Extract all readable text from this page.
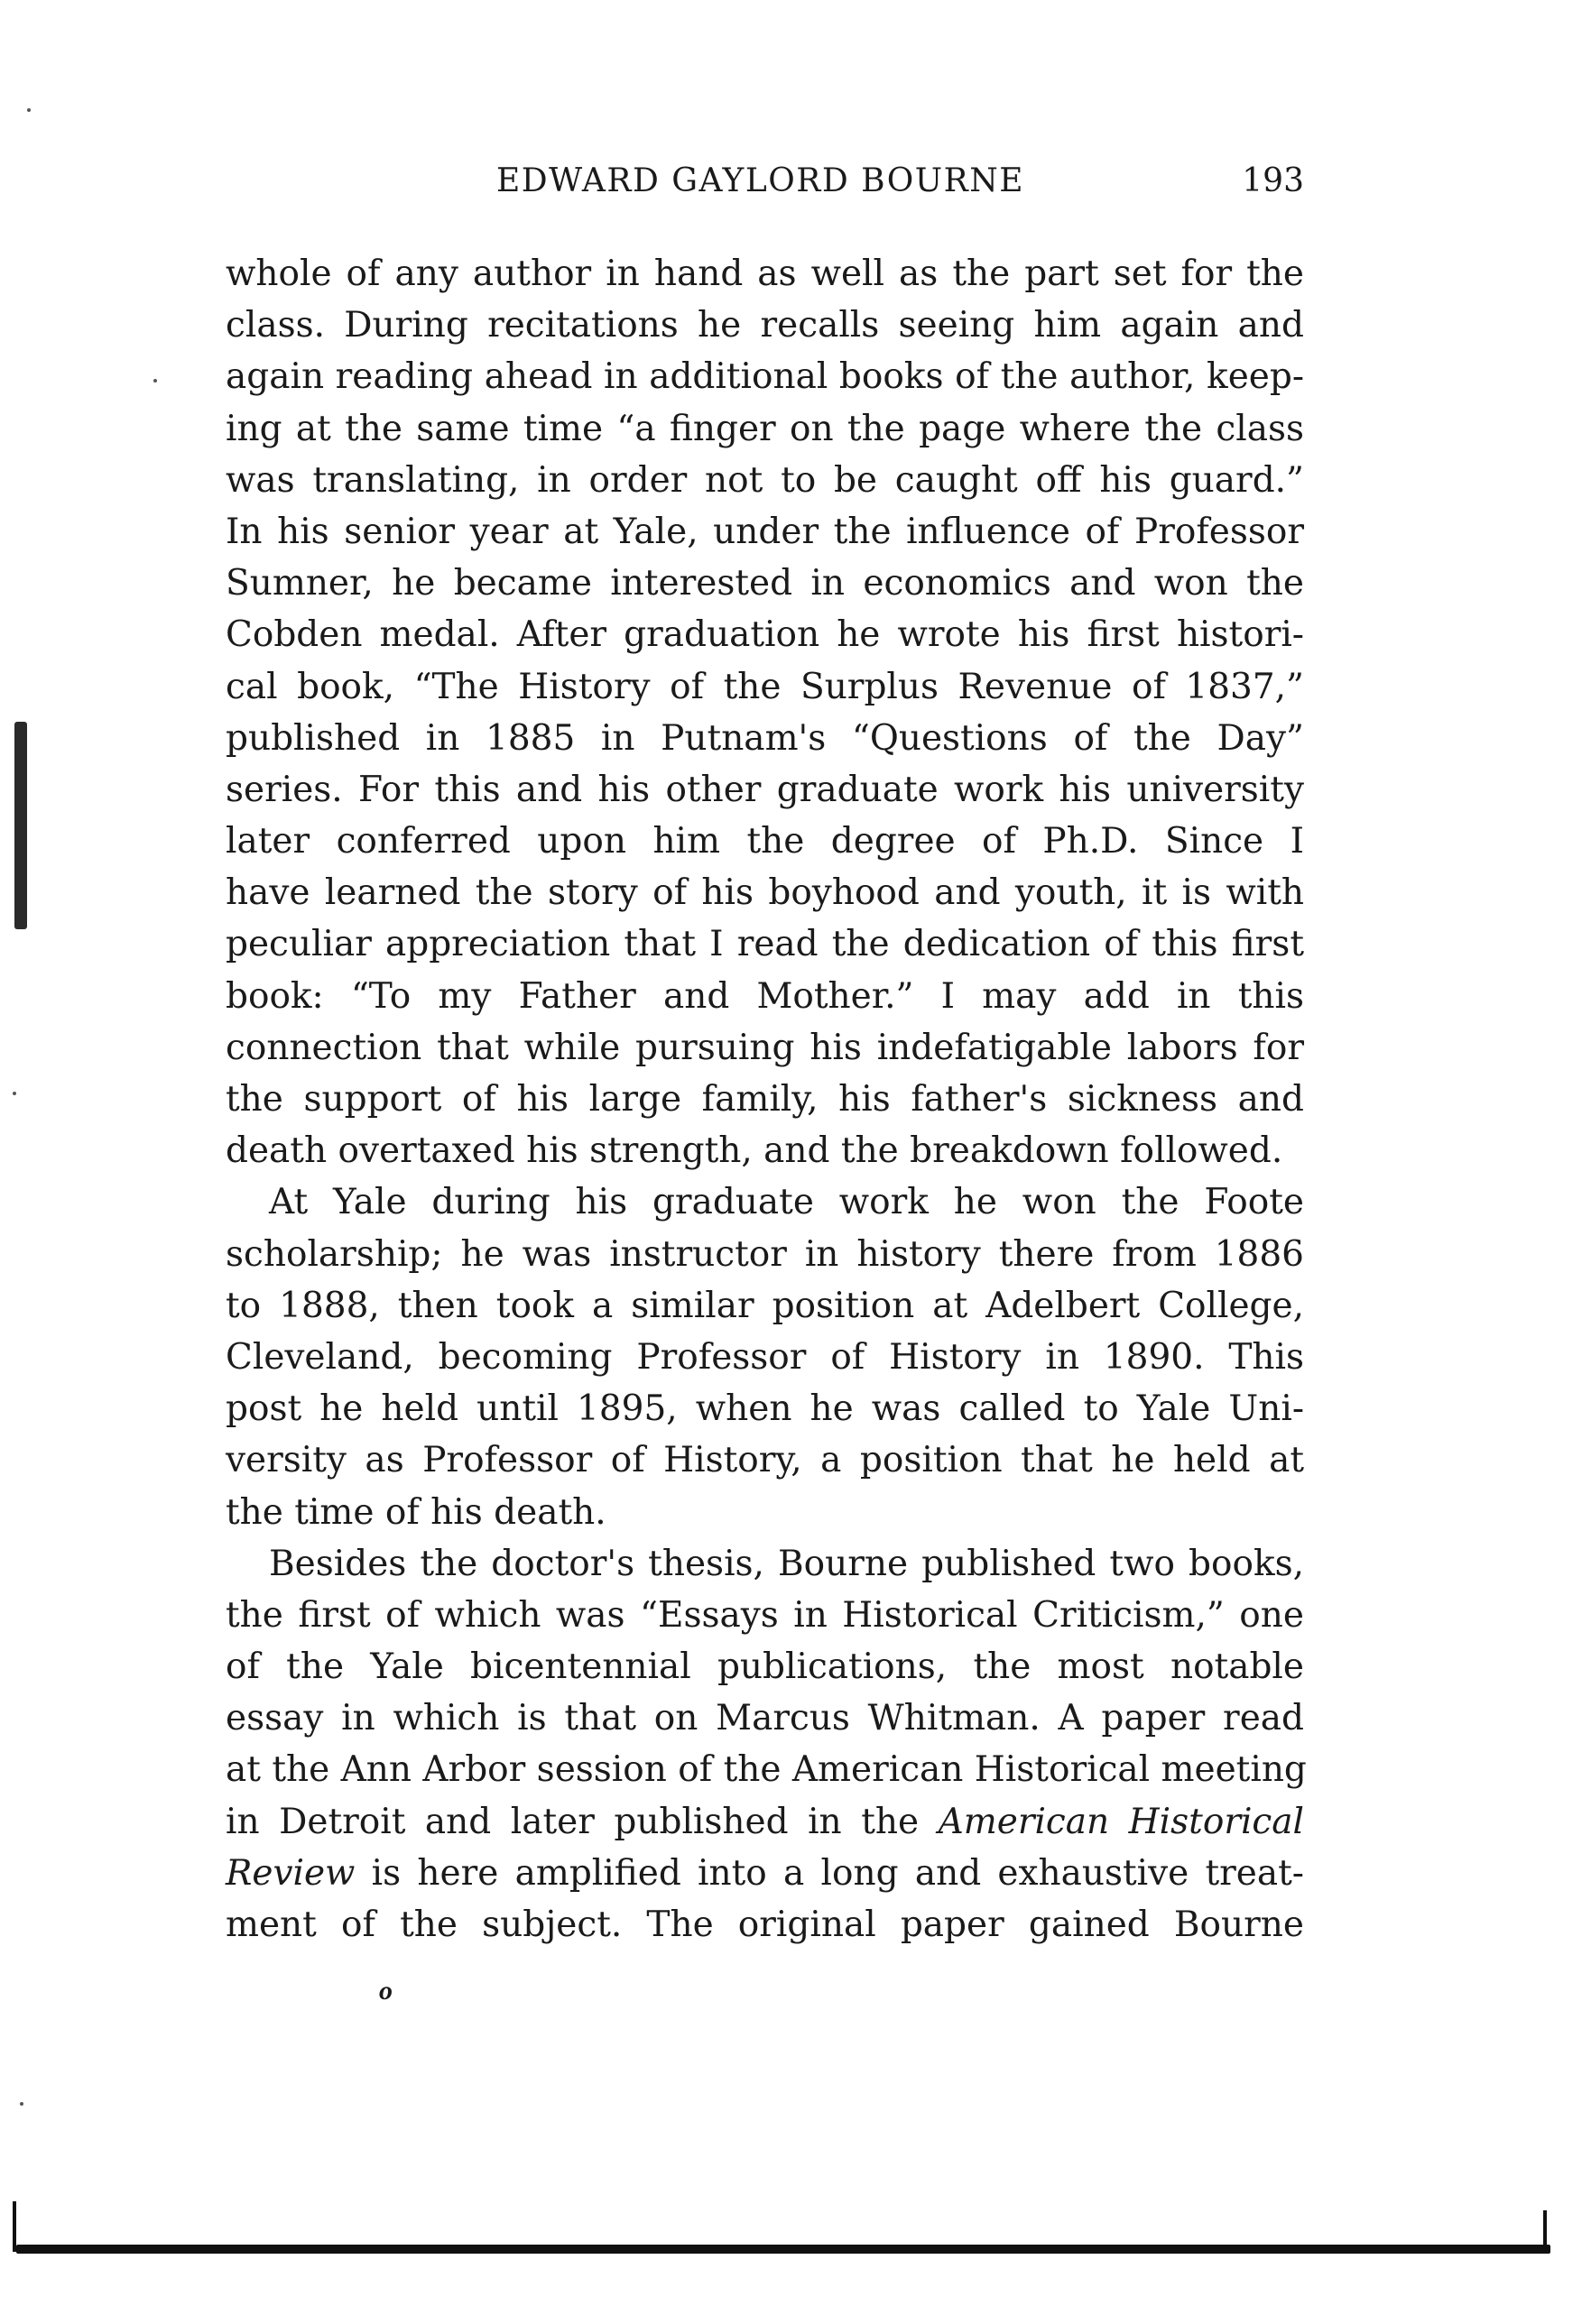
EDWARD GAYLORD BOURNE	193
whole of any author in hand as well as the part set for the
class. During recitations he recalls seeing him again and
again reading ahead in additional books of the author, keep-
ing at the same time “a finger on the page where the class
was translating, in order not to be caught off his guard.”
In his senior year at Yale, under the influence of Professor
Sumner, he became interested in economics and won the
Cobden medal. After graduation he wrote his first histori-
cal book, “The History of the Surplus Revenue of 1837,”
published in 1885 in Putnam's “Questions of the Day”
series. For this and his other graduate work his university
later conferred upon him the degree of Ph.D. Since I
have learned the story of his boyhood and youth, it is with
peculiar appreciation that I read the dedication of this first
book: “To my Father and Mother.” I may add in this
connection that while pursuing his indefatigable labors for
the support of his large family, his father's sickness and
death overtaxed his strength, and the breakdown followed.
At Yale during his graduate work he won the Foote
scholarship; he was instructor in history there from 1886
to 1888, then took a similar position at Adelbert College,
Cleveland, becoming Professor of History in 1890. This
post he held until 1895, when he was called to Yale Uni-
versity as Professor of History, a position that he held at
the time of his death.
Besides the doctor's thesis, Bourne published two books,
the first of which was “Essays in Historical Criticism,” one
of the Yale bicentennial publications, the most notable
essay in which is that on Marcus Whitman. A paper read
at the Ann Arbor session of the American Historical meeting
in Detroit and later published in the American Historical
Review is here amplified into a long and exhaustive treat-
ment of the subject. The original paper gained Bourne
o
